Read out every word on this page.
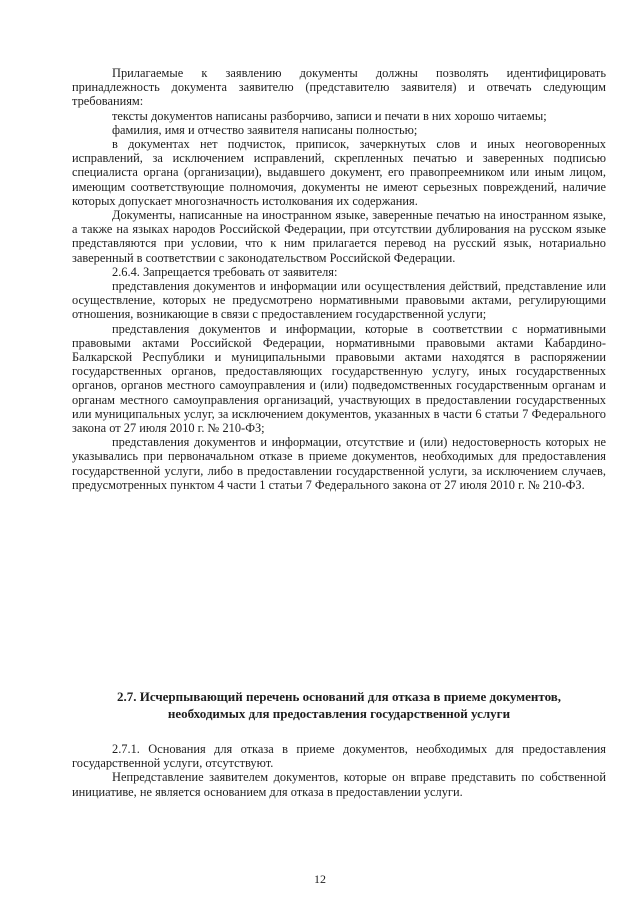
Прилагаемые к заявлению документы должны позволять идентифицировать принадлежность документа заявителю (представителю заявителя) и отвечать следующим требованиям:

тексты документов написаны разборчиво, записи и печати в них хорошо читаемы;

фамилия, имя и отчество заявителя написаны полностью;

в документах нет подчисток, приписок, зачеркнутых слов и иных неоговоренных исправлений, за исключением исправлений, скрепленных печатью и заверенных подписью специалиста органа (организации), выдавшего документ, его правопреемником или иным лицом, имеющим соответствующие полномочия, документы не имеют серьезных повреждений, наличие которых допускает многозначность истолкования их содержания.

Документы, написанные на иностранном языке, заверенные печатью на иностранном языке, а также на языках народов Российской Федерации, при отсутствии дублирования на русском языке представляются при условии, что к ним прилагается перевод на русский язык, нотариально заверенный в соответствии с законодательством Российской Федерации.

2.6.4. Запрещается требовать от заявителя:

представления документов и информации или осуществления действий, представление или осуществление, которых не предусмотрено нормативными правовыми актами, регулирующими отношения, возникающие в связи с предоставлением государственной услуги;

представления документов и информации, которые в соответствии с нормативными правовыми актами Российской Федерации, нормативными правовыми актами Кабардино-Балкарской Республики и муниципальными правовыми актами находятся в распоряжении государственных органов, предоставляющих государственную услугу, иных государственных органов, органов местного самоуправления и (или) подведомственных государственным органам и органам местного самоуправления организаций, участвующих в предоставлении государственных или муниципальных услуг, за исключением документов, указанных в части 6 статьи 7 Федерального закона от 27 июля 2010 г. № 210-ФЗ;

представления документов и информации, отсутствие и (или) недостоверность которых не указывались при первоначальном отказе в приеме документов, необходимых для предоставления государственной услуги, либо в предоставлении государственной услуги, за исключением случаев, предусмотренных пунктом 4 части 1 статьи 7 Федерального закона от 27 июля 2010 г. № 210-ФЗ.

2.7. Исчерпывающий перечень оснований для отказа в приеме документов, необходимых для предоставления государственной услуги

2.7.1. Основания для отказа в приеме документов, необходимых для предоставления государственной услуги, отсутствуют.

Непредставление заявителем документов, которые он вправе представить по собственной инициативе, не является основанием для отказа в предоставлении услуги.

12
